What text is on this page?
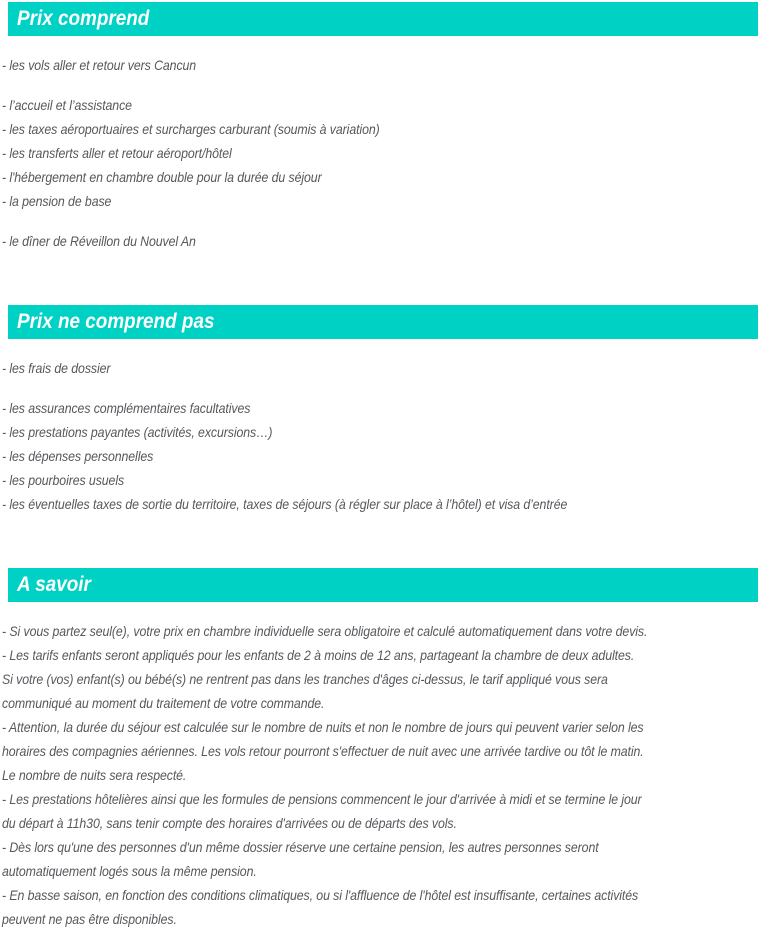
Prix comprend
- les vols aller et retour vers Cancun
- l’accueil et l’assistance
- les taxes aéroportuaires et surcharges carburant (soumis à variation)
- les transferts aller et retour aéroport/hôtel
- l'hébergement en chambre double pour la durée du séjour
- la pension de base
- le dîner de Réveillon du Nouvel An
Prix ne comprend pas
- les frais de dossier
- les assurances complémentaires facultatives
- les prestations payantes (activités, excursions…)
- les dépenses personnelles
- les pourboires usuels
- les éventuelles taxes de sortie du territoire, taxes de séjours (à régler sur place à l’hôtel) et visa d’entrée
A savoir
- Si vous partez seul(e), votre prix en chambre individuelle sera obligatoire et calculé automatiquement dans votre devis.
- Les tarifs enfants seront appliqués pour les enfants de 2 à moins de 12 ans, partageant la chambre de deux adultes.
Si votre (vos) enfant(s) ou bébé(s) ne rentrent pas dans les tranches d'âges ci-dessus, le tarif appliqué vous sera
communiqué au moment du traitement de votre commande.
- Attention, la durée du séjour est calculée sur le nombre de nuits et non le nombre de jours qui peuvent varier selon les
horaires des compagnies aériennes. Les vols retour pourront s'effectuer de nuit avec une arrivée tardive ou tôt le matin.
Le nombre de nuits sera respecté.
- Les prestations hôtelières ainsi que les formules de pensions commencent le jour d'arrivée à midi et se termine le jour
du départ à 11h30, sans tenir compte des horaires d'arrivées ou de départs des vols.
- Dès lors qu'une des personnes d'un même dossier réserve une certaine pension, les autres personnes seront
automatiquement logés sous la même pension.
- En basse saison, en fonction des conditions climatiques, ou si l'affluence de l'hôtel est insuffisante, certaines activités
peuvent ne pas être disponibles.
